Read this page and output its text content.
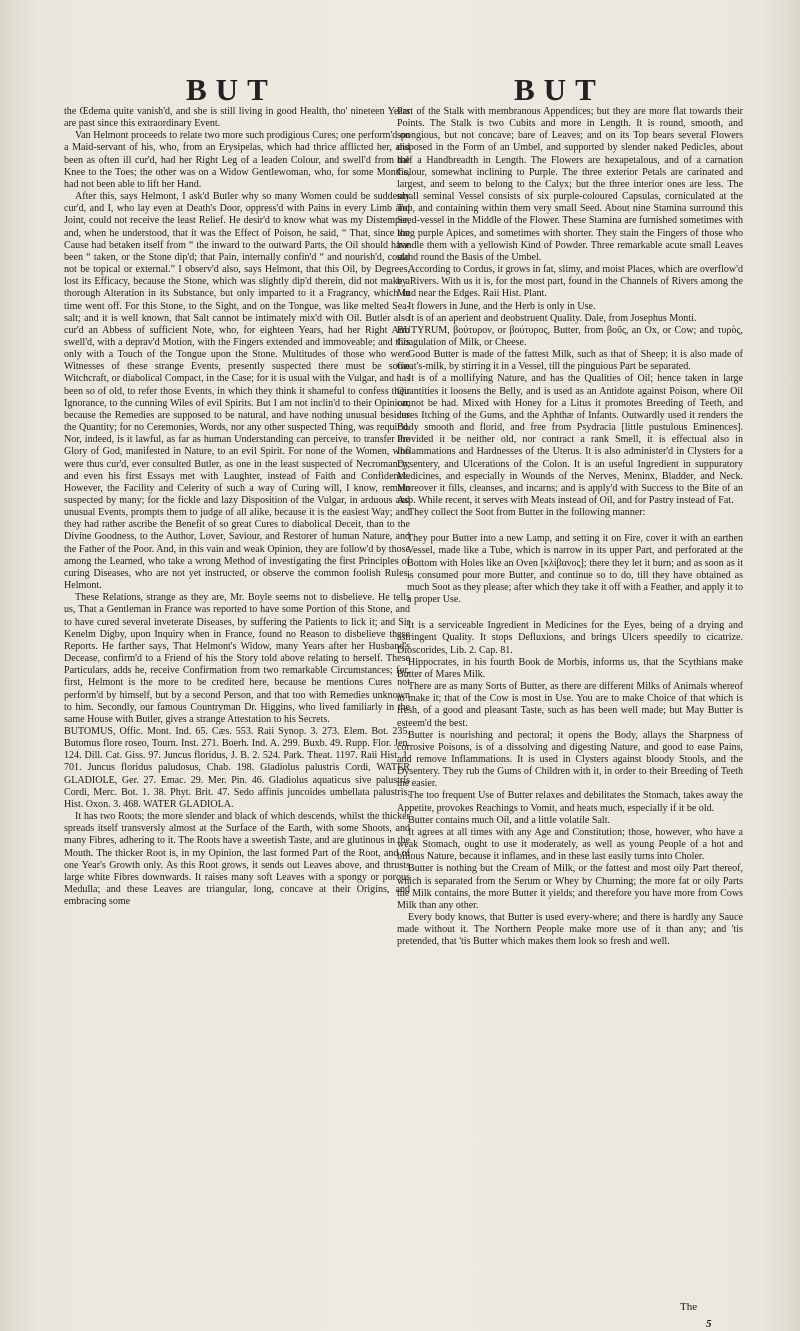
BUT	BUT

the Œdema quite vanish'd, and she is still living in good Health, tho' nineteen Years are past since this extraordinary Event.

Van Helmont proceeds to relate two more such prodigious Cures; one perform'd on a Maid-servant of his, who, from an Erysipelas, which had thrice afflicted her, and been as often ill cur'd, had her Right Leg of a leaden Colour, and swell'd from the Knee to the Toes; the other was on a Widow Gentlewoman, who, for some Months, had not been able to lift her Hand.

After this, says Helmont, I ask'd Butler why so many Women could be suddenly cur'd, and I, who lay even at Death's Door, oppress'd with Pains in every Limb and Joint, could not receive the least Relief. He desir'd to know what was my Distemper, and, when he understood, that it was the Effect of Poison, he said, “ That, since the Cause had betaken itself from “ the inward to the outward Parts, the Oil should have been “ taken, or the Stone dip'd; that Pain, internally confin'd “ and nourish'd, could not be topical or external.” I observ'd also, says Helmont, that this Oil, by Degrees, lost its Efficacy, because the Stone, which was slightly dip'd therein, did not make a thorough Alteration in its Substance, but only imparted to it a Fragrancy, which in time went off. For this Stone, to the Sight, and on the Tongue, was like melted Sea-salt; and it is well known, that Salt cannot be intimately mix'd with Oil. Butler also cur'd an Abbess of sufficient Note, who, for eighteen Years, had her Right Arm swell'd, with a deprav'd Motion, with the Fingers extended and immoveable; and this only with a Touch of the Tongue upon the Stone. Multitudes of those who were Witnesses of these strange Events, presently suspected there must be some Witchcraft, or diabolical Compact, in the Case; for it is usual with the Vulgar, and has been so of old, to refer those Events, in which they think it shameful to confess their Ignorance, to the cunning Wiles of evil Spirits. But I am not inclin'd to their Opinion, because the Remedies are supposed to be natural, and have nothing unusual besides the Quantity; for no Ceremonies, Words, nor any other suspected Thing, was requir'd. Nor, indeed, is it lawful, as far as human Understanding can perceive, to transfer the Glory of God, manifested in Nature, to an evil Spirit. For none of the Women, who were thus cur'd, ever consulted Butler, as one in the least suspected of Necromancy; and even his first Essays met with Laughter, instead of Faith and Confidence. However, the Facility and Celerity of such a way of Curing will, I know, remain suspected by many; for the fickle and lazy Disposition of the Vulgar, in arduous and unusual Events, prompts them to judge of all alike, because it is the easiest Way; and they had rather ascribe the Benefit of so great Cures to diabolical Deceit, than to the Divine Goodness, to the Author, Lover, Saviour, and Restorer of human Nature, and the Father of the Poor. And, in this vain and weak Opinion, they are follow'd by those among the Learned, who take a wrong Method of investigating the first Principles of curing Diseases, who are not yet instructed, or observe the common foolish Rules. Helmont.

These Relations, strange as they are, Mr. Boyle seems not to disbelieve. He tells us, That a Gentleman in France was reported to have some Portion of this Stone, and to have cured several inveterate Diseases, by suffering the Patients to lick it; and Sir Kenelm Digby, upon Inquiry when in France, found no Reason to disbelieve these Reports. He farther says, That Helmont's Widow, many Years after her Husband's Decease, confirm'd to a Friend of his the Story told above relating to herself. These Particulars, adds he, receive Confirmation from two remarkable Circumstances; for, first, Helmont is the more to be credited here, because he mentions Cures not perform'd by himself, but by a second Person, and that too with Remedies unknown to him. Secondly, our famous Countryman Dr. Higgins, who lived familiarly in the same House with Butler, gives a strange Attestation to his Secrets.

BUTOMUS, Offic. Mont. Ind. 65. Cæs. 553. Raii Synop. 3. 273. Elem. Bot. 235. Butomus flore roseo, Tourn. Inst. 271. Boerh. Ind. A. 299. Buxb. 49. Rupp. Flor. Jen. 124. Dill. Cat. Giss. 97. Juncus floridus, J. B. 2. 524. Park. Theat. 1197. Raii Hist. 1. 701. Juncus floridus paludosus, Chab. 198. Gladiolus palustris Cordi, WATER GLADIOLE, Ger. 27. Emac. 29. Mer. Pin. 46. Gladiolus aquaticus sive palustris Cordi, Merc. Bot. 1. 38. Phyt. Brit. 47. Sedo affinis juncoides umbellata palustris, Hist. Oxon. 3. 468. WATER GLADIOLA.

It has two Roots; the more slender and black of which descends, whilst the thicker spreads itself transversly almost at the Surface of the Earth, with some Shoots, and many Fibres, adhering to it. The Roots have a sweetish Taste, and are glutinous in the Mouth. The thicker Root is, in my Opinion, the last formed Part of the Root, and of one Year's Growth only. As this Root grows, it sends out Leaves above, and thrusts large white Fibres downwards. It raises many soft Leaves with a spongy or porous Medulla; and these Leaves are triangular, long, concave at their Origins, and embracing some

Part of the Stalk with membranous Appendices; but they are more flat towards their Points. The Stalk is two Cubits and more in Length. It is round, smooth, and spongious, but not concave; bare of Leaves; and on its Top bears several Flowers disposed in the Form of an Umbel, and supported by slender naked Pedicles, about half a Handbreadth in Length. The Flowers are hexapetalous, and of a carnation Colour, somewhat inclining to Purple. The three exterior Petals are carinated and largest, and seem to belong to the Calyx; but the three interior ones are less. The small seminal Vessel consists of six purple-coloured Capsulas, corniculated at the Top, and containing within them very small Seed. About nine Stamina surround this Seed-vessel in the Middle of the Flower. These Stamina are furnished sometimes with long purple Apices, and sometimes with shorter. They stain the Fingers of those who handle them with a yellowish Kind of Powder. Three remarkable acute small Leaves stand round the Basis of the Umbel.

According to Cordus, it grows in fat, slimy, and moist Places, which are overflow'd by Rivers. With us it is, for the most part, found in the Channels of Rivers among the Mud near the Edges. Raii Hist. Plant.

It flowers in June, and the Herb is only in Use.

It is of an aperient and deobstruent Quality. Dale, from Josephus Monti.

BUTYRUM, βούτυρον, or βούτυρος, Butter, from βοῦς, an Ox, or Cow; and τυρὸς, Coagulation of Milk, or Cheese.

Good Butter is made of the fattest Milk, such as that of Sheep; it is also made of Goat's-milk, by stirring it in a Vessel, till the pinguious Part be separated.

It is of a mollifying Nature, and has the Qualities of Oil; hence taken in large Quantities it loosens the Belly, and is used as an Antidote against Poison, where Oil cannot be had. Mixed with Honey for a Litus it promotes Breeding of Teeth, and cures Itching of the Gums, and the Aphthæ of Infants. Outwardly used it renders the Body smooth and florid, and free from Psydracia [little pustulous Eminences]. Provided it be neither old, nor contract a rank Smell, it is effectual also in Inflammations and Hardnesses of the Uterus. It is also administer'd in Clysters for a Dysentery, and Ulcerations of the Colon. It is an useful Ingredient in suppuratory Medicines, and especially in Wounds of the Nerves, Meninx, Bladder, and Neck. Moreover it fills, cleanses, and incarns; and is apply'd with Success to the Bite of an Asp. While recent, it serves with Meats instead of Oil, and for Pastry instead of Fat.

They collect the Soot from Butter in the following manner:

They pour Butter into a new Lamp, and setting it on Fire, cover it with an earthen Vessel, made like a Tube, which is narrow in its upper Part, and perforated at the Bottom with Holes like an Oven [κλίβανος]; there they let it burn; and as soon as it is consumed pour more Butter, and continue so to do, till they have obtained as much Soot as they please; after which they take it off with a Feather, and apply it to a proper Use.

It is a serviceable Ingredient in Medicines for the Eyes, being of a drying and astringent Quality. It stops Defluxions, and brings Ulcers speedily to cicatrize. Dioscorides, Lib. 2. Cap. 81.

Hippocrates, in his fourth Book de Morbis, informs us, that the Scythians make Butter of Mares Milk.

There are as many Sorts of Butter, as there are different Milks of Animals whereof to make it; that of the Cow is most in Use. You are to make Choice of that which is fresh, of a good and pleasant Taste, such as has been well made; but May Butter is esteem'd the best.

Butter is nourishing and pectoral; it opens the Body, allays the Sharpness of corrosive Poisons, is of a dissolving and digesting Nature, and good to ease Pains, and remove Inflammations. It is used in Clysters against bloody Stools, and the Dysentery. They rub the Gums of Children with it, in order to their Breeding of Teeth the easier.

The too frequent Use of Butter relaxes and debilitates the Stomach, takes away the Appetite, provokes Reachings to Vomit, and heats much, especially if it be old.

Butter contains much Oil, and a little volatile Salt.

It agrees at all times with any Age and Constitution; those, however, who have a weak Stomach, ought to use it moderately, as well as young People of a hot and bilious Nature, because it inflames, and in these last easily turns into Choler.

Butter is nothing but the Cream of Milk, or the fattest and most oily Part thereof, which is separated from the Serum or Whey by Churning; the more fat or oily Parts the Milk contains, the more Butter it yields; and therefore you have more from Cows Milk than any other.

Every body knows, that Butter is used every-where; and there is hardly any Sauce made without it. The Northern People make more use of it than any; and 'tis pretended, that 'tis Butter which makes them look so fresh and well.

The
5
